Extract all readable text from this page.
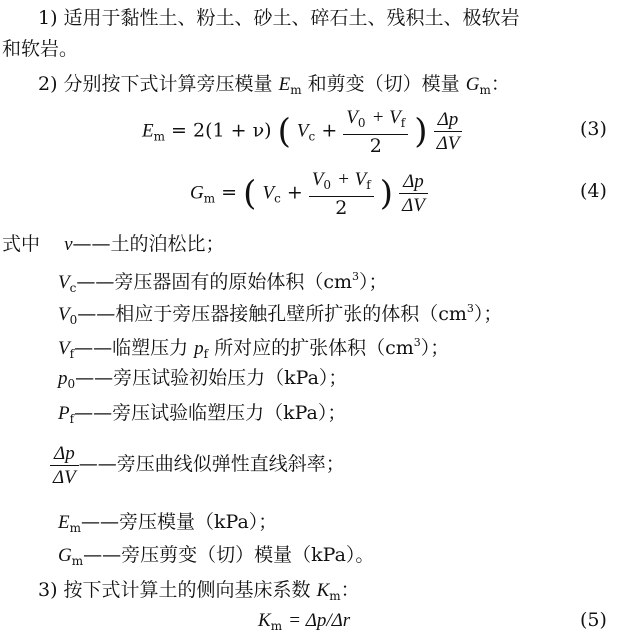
1) 适用于黏性土、粉土、砂土、碎石土、残积土、极软岩
和软岩。
2) 分别按下式计算旁压模量 $E_m$ 和剪变（切）模量 $G_m$：
$E_m = 2(1 + \nu)$ ( $V_c + \frac{V_0 + V_f}{2}$ ) $\frac{\Delta p}{\Delta V}$	(3)
$G_m$ = ( $V_c + \frac{V_0 + V_f}{2}$ ) $\frac{\Delta p}{\Delta V}$	(4)
式中 ν——土的泊松比；
$V_c——$旁压器固有的原始体积$(cm^3)$；
$V_0——$相应于旁压器接触孔壁所扩张的体积$(cm^3)$；
$V_f——$临塑压力 $p_f$ 所对应的扩张体积$(cm^3)$；
$p_0——$旁压试验初始压力（kPa）；
$P_f——$旁压试验临塑压力（kPa）；
$\frac{\Delta p}{\Delta V}$ ——旁压曲线似弹性直线斜率；
$E_m——$旁压模量（kPa）；
$G_m——$旁压剪变（切）模量（kPa）。
3) 按下式计算土的侧向基床系数 $K_m$：
$K_m = \Delta p/\Delta r$	(5)
